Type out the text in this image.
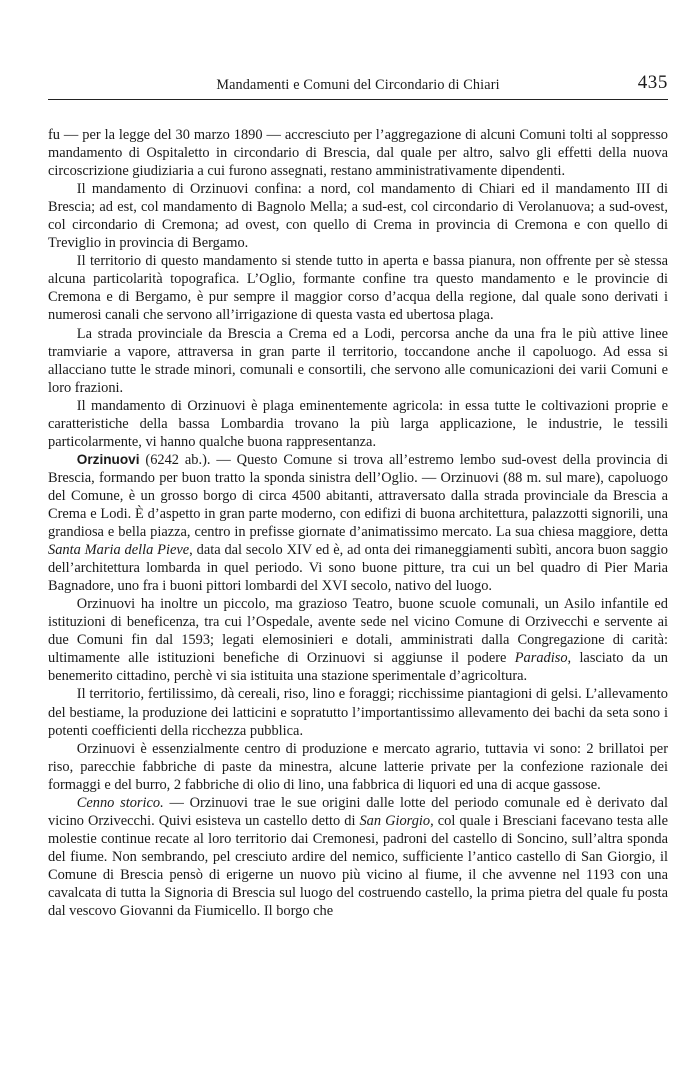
Mandamenti e Comuni del Circondario di Chiari	435

fu — per la legge del 30 marzo 1890 — accresciuto per l’aggregazione di alcuni Comuni tolti al soppresso mandamento di Ospitaletto in circondario di Brescia, dal quale per altro, salvo gli effetti della nuova circoscrizione giudiziaria a cui furono assegnati, restano amministrativamente dipendenti.

Il mandamento di Orzinuovi confina: a nord, col mandamento di Chiari ed il mandamento III di Brescia; ad est, col mandamento di Bagnolo Mella; a sud-est, col circondario di Verolanuova; a sud-ovest, col circondario di Cremona; ad ovest, con quello di Crema in provincia di Cremona e con quello di Treviglio in provincia di Bergamo.

Il territorio di questo mandamento si stende tutto in aperta e bassa pianura, non offrente per sè stessa alcuna particolarità topografica. L’Oglio, formante confine tra questo mandamento e le provincie di Cremona e di Bergamo, è pur sempre il maggior corso d’acqua della regione, dal quale sono derivati i numerosi canali che servono all’irrigazione di questa vasta ed ubertosa plaga.

La strada provinciale da Brescia a Crema ed a Lodi, percorsa anche da una fra le più attive linee tramviarie a vapore, attraversa in gran parte il territorio, toccandone anche il capoluogo. Ad essa si allacciano tutte le strade minori, comunali e consortili, che servono alle comunicazioni dei varii Comuni e loro frazioni.

Il mandamento di Orzinuovi è plaga eminentemente agricola: in essa tutte le coltivazioni proprie e caratteristiche della bassa Lombardia trovano la più larga applicazione, le industrie, le tessili particolarmente, vi hanno qualche buona rappresentanza.

Orzinuovi (6242 ab.). — Questo Comune si trova all’estremo lembo sud-ovest della provincia di Brescia, formando per buon tratto la sponda sinistra dell’Oglio. — Orzinuovi (88 m. sul mare), capoluogo del Comune, è un grosso borgo di circa 4500 abitanti, attraversato dalla strada provinciale da Brescia a Crema e Lodi. È d’aspetto in gran parte moderno, con edifizi di buona architettura, palazzotti signorili, una grandiosa e bella piazza, centro in prefisse giornate d’animatissimo mercato. La sua chiesa maggiore, detta Santa Maria della Pieve, data dal secolo XIV ed è, ad onta dei rimaneggiamenti subìti, ancora buon saggio dell’architettura lombarda in quel periodo. Vi sono buone pitture, tra cui un bel quadro di Pier Maria Bagnadore, uno fra i buoni pittori lombardi del XVI secolo, nativo del luogo.

Orzinuovi ha inoltre un piccolo, ma grazioso Teatro, buone scuole comunali, un Asilo infantile ed istituzioni di beneficenza, tra cui l’Ospedale, avente sede nel vicino Comune di Orzivecchi e servente ai due Comuni fin dal 1593; legati elemosinieri e dotali, amministrati dalla Congregazione di carità: ultimamente alle istituzioni benefiche di Orzinuovi si aggiunse il podere Paradiso, lasciato da un benemerito cittadino, perchè vi sia istituita una stazione sperimentale d’agricoltura.

Il territorio, fertilissimo, dà cereali, riso, lino e foraggi; ricchissime piantagioni di gelsi. L’allevamento del bestiame, la produzione dei latticini e sopratutto l’importantissimo allevamento dei bachi da seta sono i potenti coefficienti della ricchezza pubblica.

Orzinuovi è essenzialmente centro di produzione e mercato agrario, tuttavia vi sono: 2 brillatoi per riso, parecchie fabbriche di paste da minestra, alcune latterie private per la confezione razionale dei formaggi e del burro, 2 fabbriche di olio di lino, una fabbrica di liquori ed una di acque gassose.

Cenno storico. — Orzinuovi trae le sue origini dalle lotte del periodo comunale ed è derivato dal vicino Orzivecchi. Quivi esisteva un castello detto di San Giorgio, col quale i Bresciani facevano testa alle molestie continue recate al loro territorio dai Cremonesi, padroni del castello di Soncino, sull’altra sponda del fiume. Non sembrando, pel cresciuto ardire del nemico, sufficiente l’antico castello di San Giorgio, il Comune di Brescia pensò di erigerne un nuovo più vicino al fiume, il che avvenne nel 1193 con una cavalcata di tutta la Signoria di Brescia sul luogo del costruendo castello, la prima pietra del quale fu posta dal vescovo Giovanni da Fiumicello. Il borgo che
